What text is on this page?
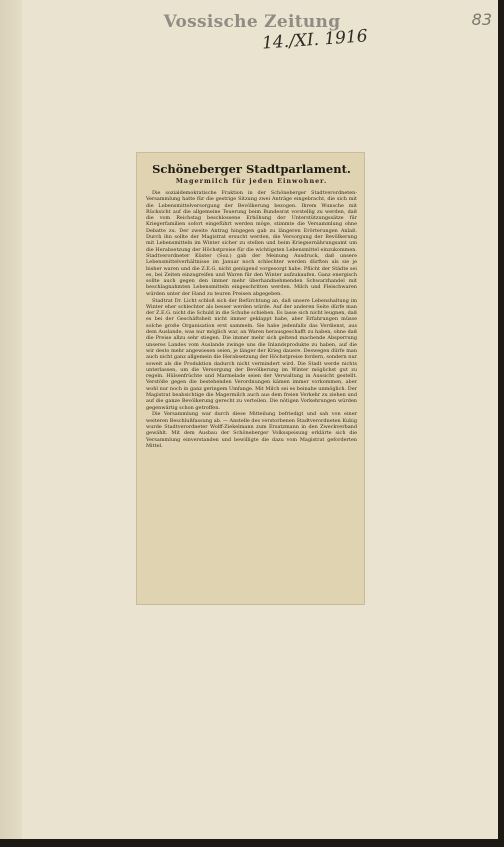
Vossische Zeitung	83
14./XI. 1916
Schöneberger Stadtparlament.
Magermilch für jeden Einwohner.

Die sozialdemokratische Fraktion in der Schöneberger Stadtverordneten-Versammlung hatte für die gestrige Sitzung zwei Anträge eingebracht, die sich mit die Lebensmittelversorgung der Bevölkerung bezogen. Ihrem Wunsche mit Rücksicht auf die allgemeine Teuerung beim Bundesrat vorstellig zu werden, daß die vom Reichstag beschlossene Erhöhung der Unterstützungssätze für Kriegerfamilien sofort eingeführt werden möge, stimmte die Versammlung ohne Debatte zu. Der zweite Antrag hingegen gab zu längeren Erörterungen Anlaß. Durch ihn sollte der Magistrat ersucht werden, die Versorgung der Bevölkerung mit Lebensmitteln im Winter sicher zu stellen und beim Kriegsernährungsamt um die Herabsetzung der Höchstpreise für die wichtigsten Lebensmittel einzukommen. Stadtverordneter Küster (Soz.) gab der Meinung Ausdruck, daß unsere Lebensmittelverhältnisse im Januar noch schlechter werden dürften als sie je bisher waren und die Z.E.G. nicht genügend vorgesorgt habe. Pflicht der Städte sei es, bei Zeiten einzugreifen und Waren für den Winter aufzukaufen. Ganz energisch sollte auch gegen den immer mehr überhandnehmenden Schwarzhandel mit beschlagnahmten Lebensmitteln eingeschritten werden. Milch und Fleischwaren würden unter der Hand zu teuren Preisen abgegeben.

Stadtrat Dr. Licht schloß sich der Befürchtung an, daß unsere Lebenshaltung im Winter eher schlechter als besser werden würde. Auf der anderen Seite dürfe man der Z.E.G. nicht die Schuld in die Schuhe schieben. Es lasse sich nicht leugnen, daß es bei der Geschäftsheit nicht immer geklappt habe, aber Erfahrungen müsse solche große Organisation erst sammeln. Sie habe jedenfalls das Verdienst, aus dem Auslande, was nur möglich war, an Waren herausgeschafft zu haben, ohne daß die Preise allzu sehr stiegen. Die immer mehr sich geltend machende Absperrung unseres Landes vom Auslande zwinge uns die Inlandsprodukte zu haben, auf die wir desto mehr angewiesen seien, je länger der Krieg dauere. Deswegen dürfe man auch nicht ganz allgemein die Herabsetzung der Höchstpreise fordern, sondern nur soweit als die Produktion dadurch nicht vermindert wird. Die Stadt werde nichts unterlassen, um die Versorgung der Bevölkerung im Winter möglichst gut zu regeln. Hülsenfrüchte und Marmelade seien der Verwaltung in Aussicht gestellt. Verstöße gegen die bestehenden Verordnungen kämen immer vorkommen, aber wohl nur noch in ganz geringem Umfange. Mit Milch sei es beinahe unmöglich. Der Magistrat beabsichtige die Magermilch auch aus dem freien Verkehr zu ziehen und auf die ganze Bevölkerung gerecht zu verteilen. Die nötigen Vorkehrungen würden gegenwärtig schon getroffen.

Die Versammlung war durch diese Mitteilung befriedigt und sah von einer weiteren Beschlußfassung ab. — Anstelle des verstorbenen Stadtverordneten Kubig wurde Stadtverordneter Wolff-Ziekelmann zum Ersatzmann in den Zweckverband gewählt. Mit dem Ausbau der Schöneberger Volksspeisung erklärte sich die Versammlung einverstanden und bewilligte die dazu vom Magistrat geforderten Mittel.
